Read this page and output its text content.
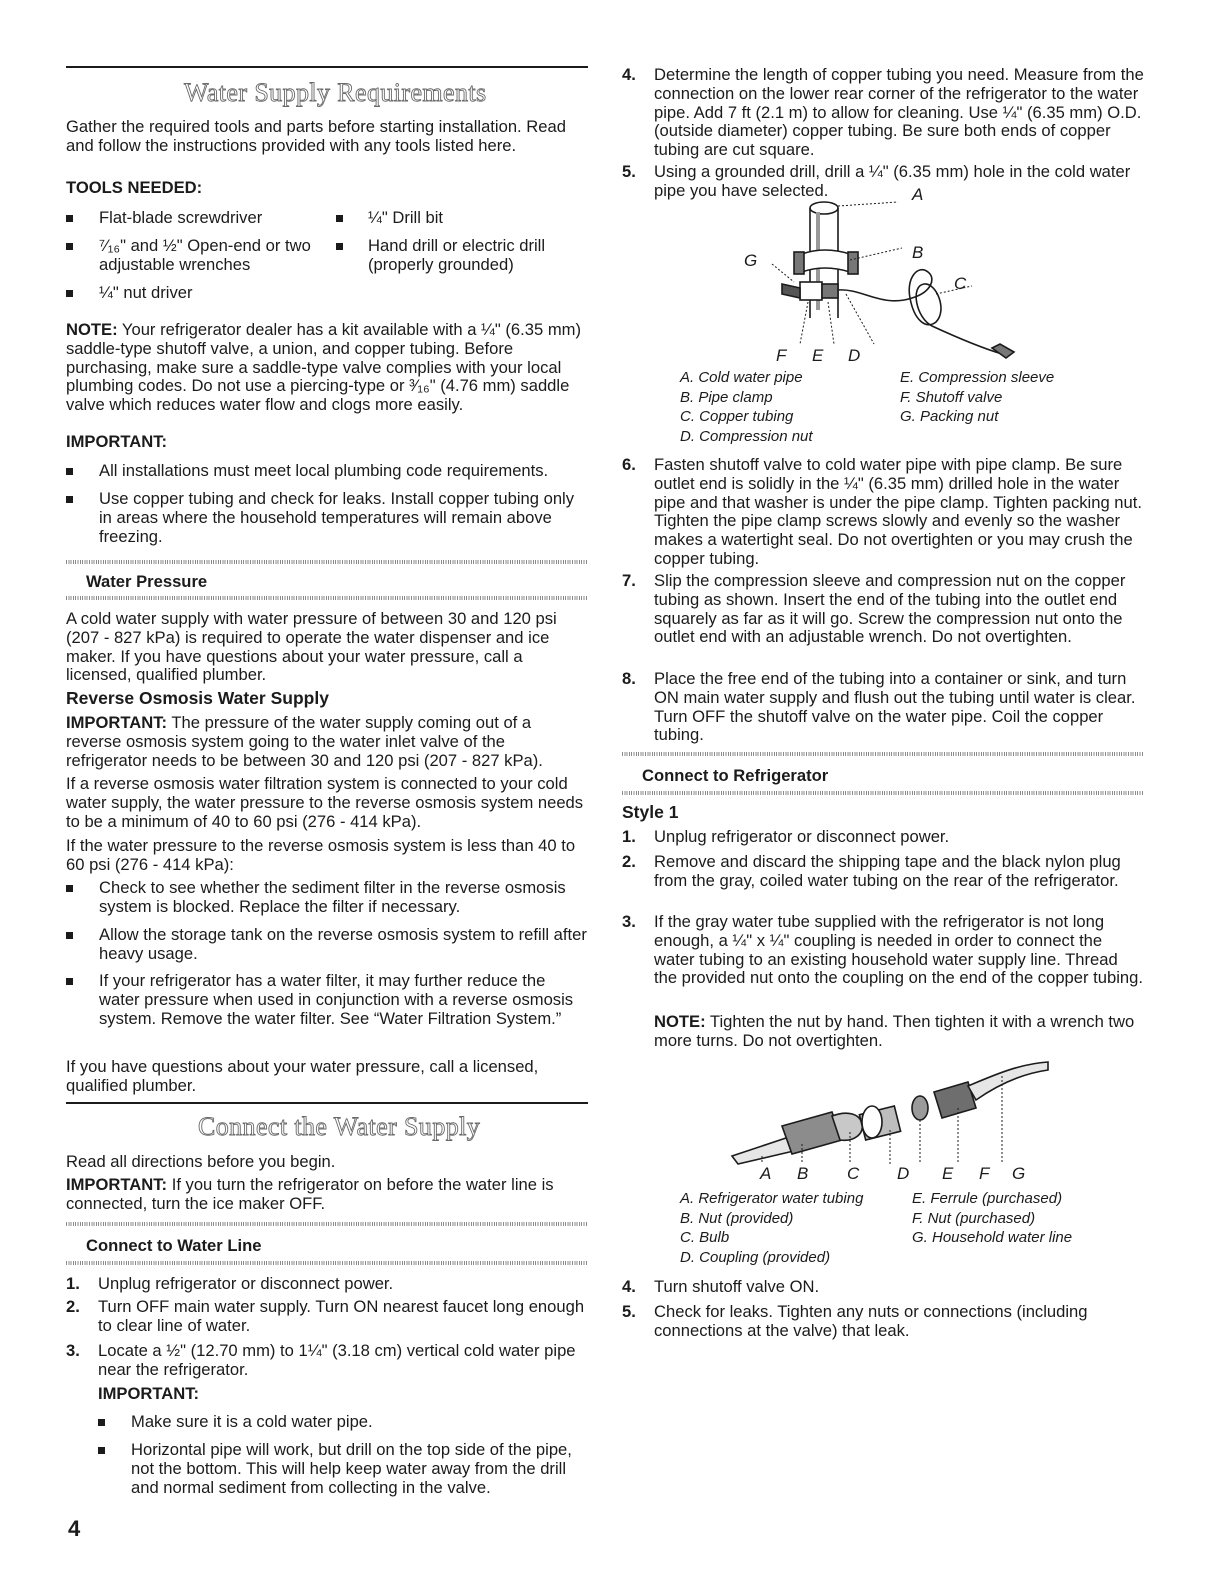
Water Supply Requirements
Gather the required tools and parts before starting installation. Read and follow the instructions provided with any tools listed here.
TOOLS NEEDED:
Flat-blade screwdriver	¼" Drill bit
⁷⁄₁₆" and ½" Open-end or two adjustable wrenches
Hand drill or electric drill (properly grounded)
¼" nut driver
NOTE: Your refrigerator dealer has a kit available with a ¼" (6.35 mm) saddle-type shutoff valve, a union, and copper tubing. Before purchasing, make sure a saddle-type valve complies with your local plumbing codes. Do not use a piercing-type or ³⁄₁₆" (4.76 mm) saddle valve which reduces water flow and clogs more easily.
IMPORTANT:
All installations must meet local plumbing code requirements.
Use copper tubing and check for leaks. Install copper tubing only in areas where the household temperatures will remain above freezing.
Water Pressure
A cold water supply with water pressure of between 30 and 120 psi (207 - 827 kPa) is required to operate the water dispenser and ice maker. If you have questions about your water pressure, call a licensed, qualified plumber.
Reverse Osmosis Water Supply
IMPORTANT: The pressure of the water supply coming out of a reverse osmosis system going to the water inlet valve of the refrigerator needs to be between 30 and 120 psi (207 - 827 kPa).
If a reverse osmosis water filtration system is connected to your cold water supply, the water pressure to the reverse osmosis system needs to be a minimum of 40 to 60 psi (276 - 414 kPa).
If the water pressure to the reverse osmosis system is less than 40 to 60 psi (276 - 414 kPa):
Check to see whether the sediment filter in the reverse osmosis system is blocked. Replace the filter if necessary.
Allow the storage tank on the reverse osmosis system to refill after heavy usage.
If your refrigerator has a water filter, it may further reduce the water pressure when used in conjunction with a reverse osmosis system. Remove the water filter. See “Water Filtration System.”
If you have questions about your water pressure, call a licensed, qualified plumber.
Connect the Water Supply
Read all directions before you begin.
IMPORTANT: If you turn the refrigerator on before the water line is connected, turn the ice maker OFF.
Connect to Water Line
1. Unplug refrigerator or disconnect power.
2. Turn OFF main water supply. Turn ON nearest faucet long enough to clear line of water.
3. Locate a ½" (12.70 mm) to 1¼" (3.18 cm) vertical cold water pipe near the refrigerator.
IMPORTANT:
Make sure it is a cold water pipe.
Horizontal pipe will work, but drill on the top side of the pipe, not the bottom. This will help keep water away from the drill and normal sediment from collecting in the valve.
4
4. Determine the length of copper tubing you need. Measure from the connection on the lower rear corner of the refrigerator to the water pipe. Add 7 ft (2.1 m) to allow for cleaning. Use ¼" (6.35 mm) O.D. (outside diameter) copper tubing. Be sure both ends of copper tubing are cut square.
5. Using a grounded drill, drill a ¼" (6.35 mm) hole in the cold water pipe you have selected.	A
B
C
D
E
F
G
A. Cold water pipe
B. Pipe clamp
C. Copper tubing
D. Compression nut
E. Compression sleeve
F. Shutoff valve
G. Packing nut
6. Fasten shutoff valve to cold water pipe with pipe clamp. Be sure outlet end is solidly in the ¼" (6.35 mm) drilled hole in the water pipe and that washer is under the pipe clamp. Tighten packing nut. Tighten the pipe clamp screws slowly and evenly so the washer makes a watertight seal. Do not overtighten or you may crush the copper tubing.
7. Slip the compression sleeve and compression nut on the copper tubing as shown. Insert the end of the tubing into the outlet end squarely as far as it will go. Screw the compression nut onto the outlet end with an adjustable wrench. Do not overtighten.
8. Place the free end of the tubing into a container or sink, and turn ON main water supply and flush out the tubing until water is clear. Turn OFF the shutoff valve on the water pipe. Coil the copper tubing.
Connect to Refrigerator
Style 1
1. Unplug refrigerator or disconnect power.
2. Remove and discard the shipping tape and the black nylon plug from the gray, coiled water tubing on the rear of the refrigerator.
3. If the gray water tube supplied with the refrigerator is not long enough, a ¼" x ¼" coupling is needed in order to connect the water tubing to an existing household water supply line. Thread the provided nut onto the coupling on the end of the copper tubing.
NOTE: Tighten the nut by hand. Then tighten it with a wrench two more turns. Do not overtighten.
A B C D E F G
A. Refrigerator water tubing
B. Nut (provided)
C. Bulb
D. Coupling (provided)
E. Ferrule (purchased)
F. Nut (purchased)
G. Household water line
4. Turn shutoff valve ON.
5. Check for leaks. Tighten any nuts or connections (including connections at the valve) that leak.
